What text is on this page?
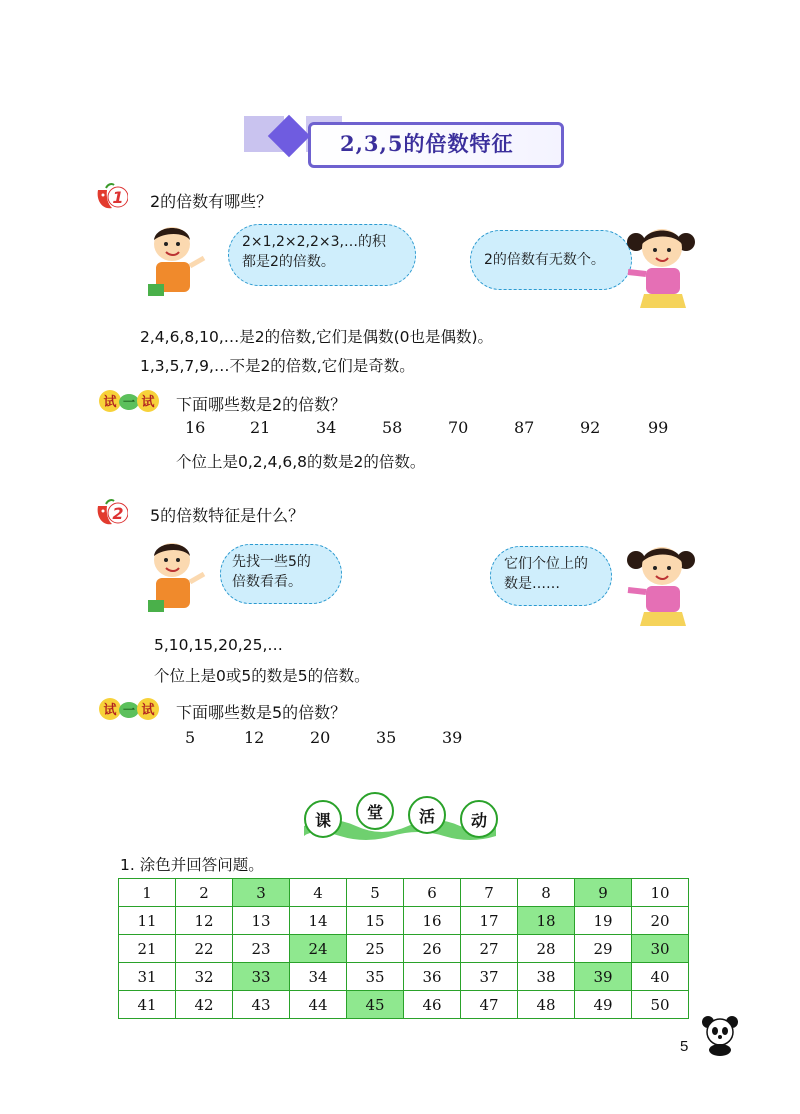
2,3,5的倍数特征
1 2的倍数有哪些？
2×1,2×2,2×3,…的积
都是2的倍数。	2的倍数有无数个。
2,4,6,8,10,…是2的倍数,它们是偶数(0也是偶数)。
1,3,5,7,9,…不是2的倍数,它们是奇数。
试 一 试 下面哪些数是2的倍数？
16	21	34	58	70	87	92	99
个位上是0,2,4,6,8的数是2的倍数。
2 5的倍数特征是什么？
先找一些5的
倍数看看。
它们个位上的
数是……
5,10,15,20,25,…
个位上是0或5的数是5的倍数。
试 一 试 下面哪些数是5的倍数？
5	12	20	35	39
课	堂	活	动
1. 涂色并回答问题。
1	2	3	4	5	6	7	8	9	10
11	12	13	14	15	16	17	18	19	20
21	22	23	24	25	26	27	28	29	30
31	32	33	34	35	36	37	38	39	40
41	42	43	44	45	46	47	48	49	50
5
